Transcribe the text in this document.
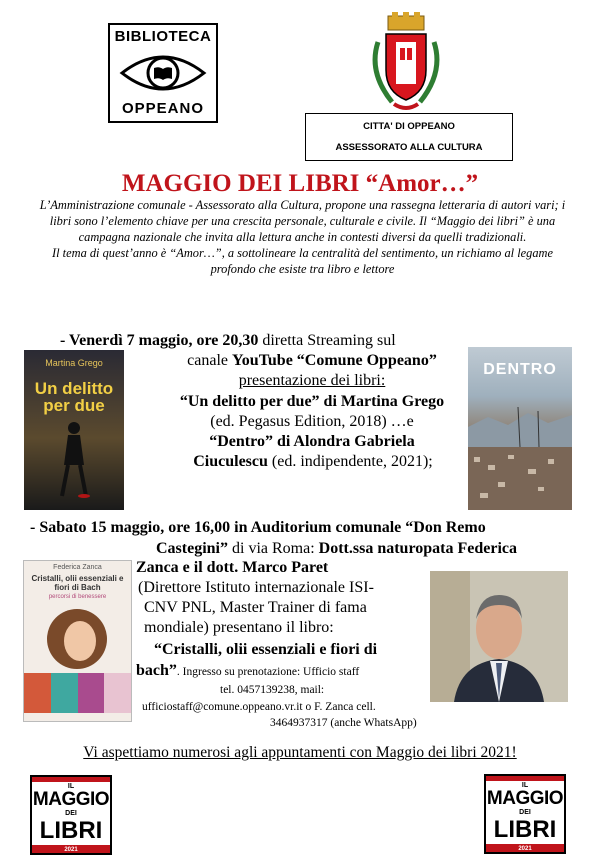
BIBLIOTECA
OPPEANO
CITTA' DI OPPEANO
ASSESSORATO ALLA CULTURA
MAGGIO DEI LIBRI “Amor…”
L’Amministrazione comunale - Assessorato alla Cultura, propone una rassegna letteraria di autori vari; i libri sono l’elemento chiave per una crescita personale, culturale e civile. Il “Maggio dei libri” è una campagna nazionale che invita alla lettura anche in contesti diversi da quelli tradizionali.
Il tema di quest’anno è “Amor…”, a sottolineare la centralità del sentimento, un richiamo al legame profondo che esiste tra libro e lettore
- Venerdì 7 maggio, ore 20,30 diretta Streaming sul
canale YouTube “Comune Oppeano”
presentazione dei libri:
“Un delitto per due” di Martina Grego
(ed. Pegasus Edition, 2018) …e
“Dentro” di Alondra Gabriela
Ciuculescu (ed. indipendente, 2021);
Martina Grego
Un delitto
per due
DENTRO
- Sabato 15 maggio, ore 16,00 in Auditorium comunale “Don Remo
Castegini” di via Roma: Dott.ssa naturopata Federica
Zanca e il dott. Marco Paret
(Direttore Istituto internazionale ISI-
CNV PNL, Master Trainer di fama
mondiale) presentano il libro:
“Cristalli, olii essenziali e fiori di
bach”. Ingresso su prenotazione: Ufficio staff
tel. 0457139238, mail:
ufficiostaff@comune.oppeano.vr.it o F. Zanca cell.
3464937317 (anche WhatsApp)
Federica Zanca
Cristalli, olii essenziali e fiori di Bach
percorsi di benessere
Vi aspettiamo numerosi agli appuntamenti con Maggio dei libri 2021!
IL
MAGGIO
DEI
LIBRI
2021
IL
MAGGIO
DEI
LIBRI
2021
